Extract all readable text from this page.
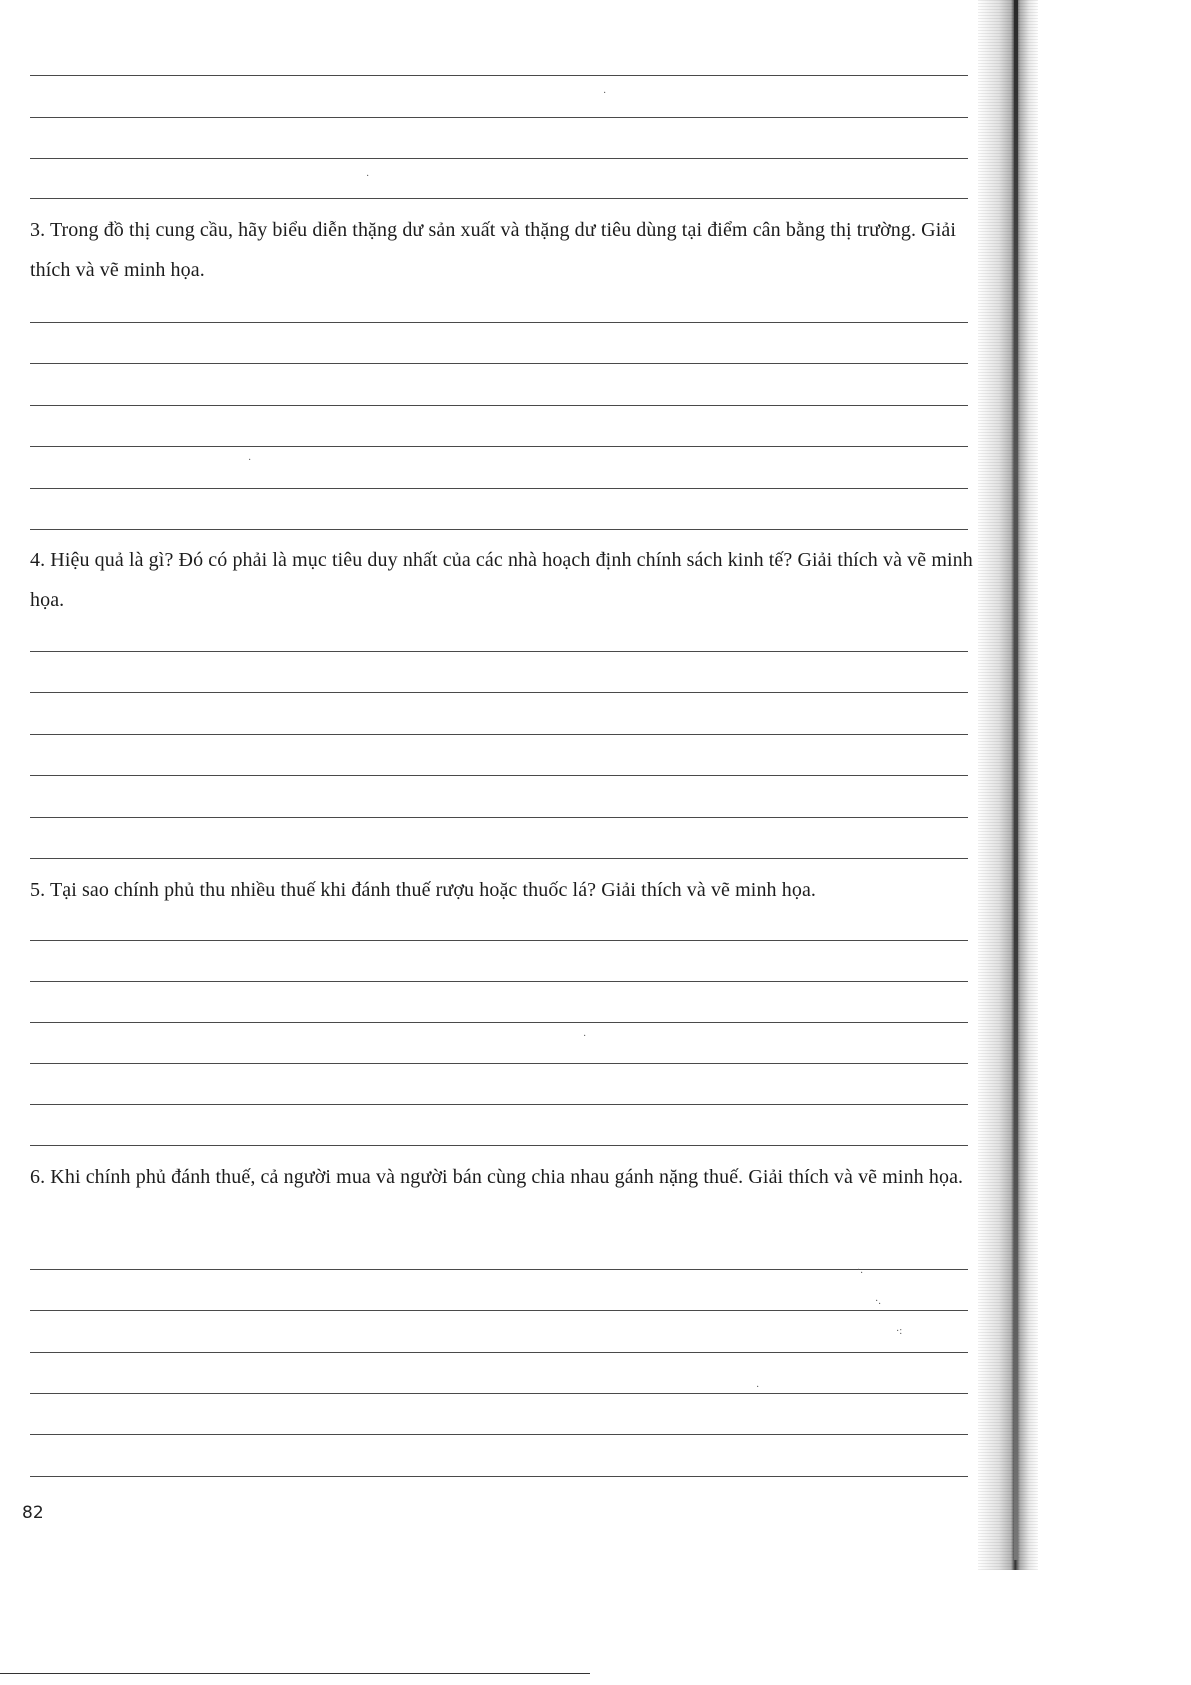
3. Trong đồ thị cung cầu, hãy biểu diễn thặng dư sản xuất và thặng dư tiêu dùng tại điểm cân bằng thị trường. Giải thích và vẽ minh họa.
4. Hiệu quả là gì? Đó có phải là mục tiêu duy nhất của các nhà hoạch định chính sách kinh tế? Giải thích và vẽ minh họa.
5. Tại sao chính phủ thu nhiều thuế khi đánh thuế rượu hoặc thuốc lá? Giải thích và vẽ minh họa.
6. Khi chính phủ đánh thuế, cả người mua và người bán cùng chia nhau gánh nặng thuế. Giải thích và vẽ minh họa.
·
·
·
·
·.
·.
·:
·
82
